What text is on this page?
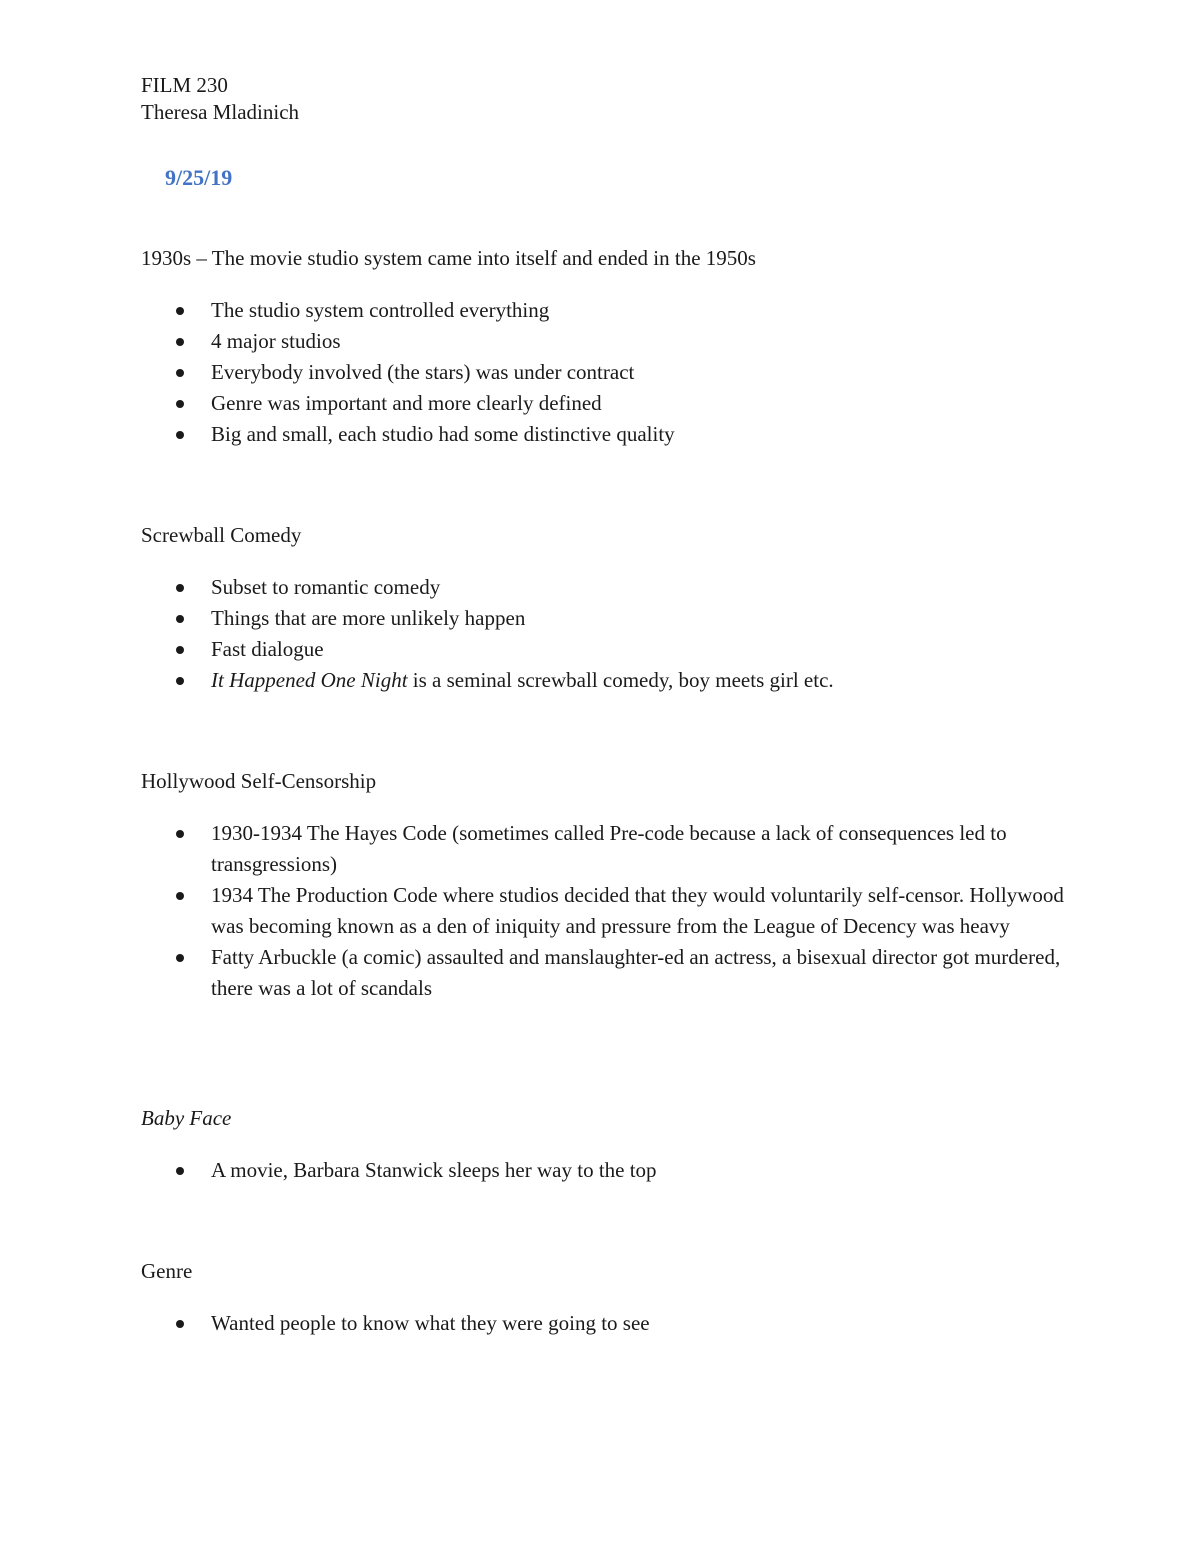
FILM 230
Theresa Mladinich
9/25/19
1930s – The movie studio system came into itself and ended in the 1950s
The studio system controlled everything
4 major studios
Everybody involved (the stars) was under contract
Genre was important and more clearly defined
Big and small, each studio had some distinctive quality
Screwball Comedy
Subset to romantic comedy
Things that are more unlikely happen
Fast dialogue
It Happened One Night is a seminal screwball comedy, boy meets girl etc.
Hollywood Self-Censorship
1930-1934 The Hayes Code (sometimes called Pre-code because a lack of consequences led to transgressions)
1934 The Production Code where studios decided that they would voluntarily self-censor. Hollywood was becoming known as a den of iniquity and pressure from the League of Decency was heavy
Fatty Arbuckle (a comic) assaulted and manslaughter-ed an actress, a bisexual director got murdered, there was a lot of scandals
Baby Face
A movie, Barbara Stanwick sleeps her way to the top
Genre
Wanted people to know what they were going to see
